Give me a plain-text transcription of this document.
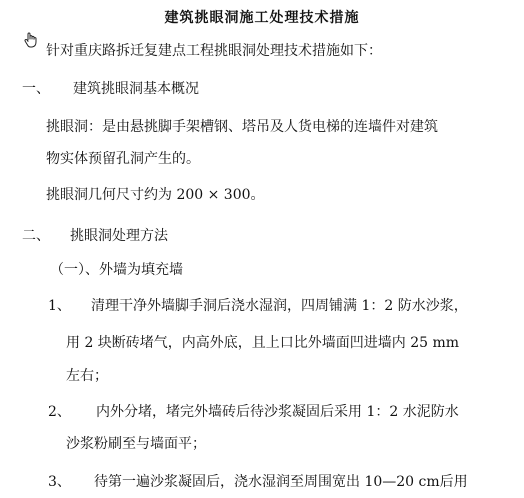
建筑挑眼洞施工处理技术措施
针对重庆路拆迁复建点工程挑眼洞处理技术措施如下：
一、 建筑挑眼洞基本概况
挑眼洞：是由悬挑脚手架槽钢、塔吊及人货电梯的连墙件对建筑
物实体预留孔洞产生的。
挑眼洞几何尺寸约为 200 × 300。
二、 挑眼洞处理方法
（一）、外墙为填充墙
1、 清理干净外墙脚手洞后浇水湿润，四周铺满 1：2 防水沙浆，
用 2 块断砖堵气，内高外底，且上口比外墙面凹进墙内 25 mm
左右；
2、 内外分堵，堵完外墙砖后待沙浆凝固后采用 1：2 水泥防水
沙浆粉刷至与墙面平；
3、 待第一遍沙浆凝固后，浇水湿润至周围宽出 10—20 cm后用
